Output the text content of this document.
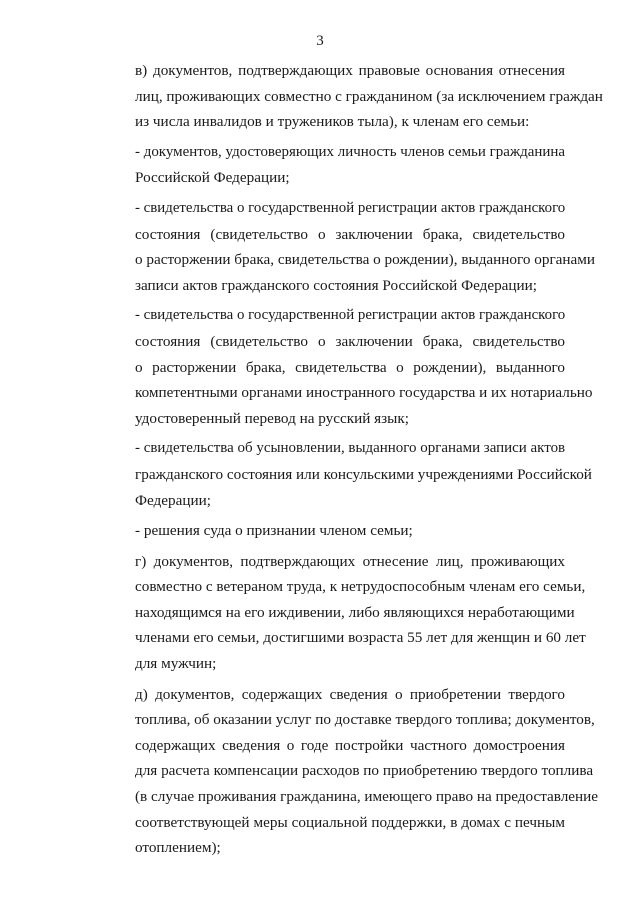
3
в) документов, подтверждающих правовые основания отнесения
лиц, проживающих совместно с гражданином (за исключением граждан
из числа инвалидов и тружеников тыла), к членам его семьи:
- документов, удостоверяющих личность членов семьи гражданина
Российской Федерации;
- свидетельства о государственной регистрации актов гражданского
состояния (свидетельство о заключении брака, свидетельство
о расторжении брака, свидетельства о рождении), выданного органами
записи актов гражданского состояния Российской Федерации;
- свидетельства о государственной регистрации актов гражданского
состояния (свидетельство о заключении брака, свидетельство
о расторжении брака, свидетельства о рождении), выданного
компетентными органами иностранного государства и их нотариально
удостоверенный перевод на русский язык;
- свидетельства об усыновлении, выданного органами записи актов
гражданского состояния или консульскими учреждениями Российской
Федерации;
- решения суда о признании членом семьи;
г) документов, подтверждающих отнесение лиц, проживающих
совместно с ветераном труда, к нетрудоспособным членам его семьи,
находящимся на его иждивении, либо являющихся неработающими
членами его семьи, достигшими возраста 55 лет для женщин и 60 лет
для мужчин;
д) документов, содержащих сведения о приобретении твердого
топлива, об оказании услуг по доставке твердого топлива; документов,
содержащих сведения о годе постройки частного домостроения
для расчета компенсации расходов по приобретению твердого топлива
(в случае проживания гражданина, имеющего право на предоставление
соответствующей меры социальной поддержки, в домах с печным
отоплением);
